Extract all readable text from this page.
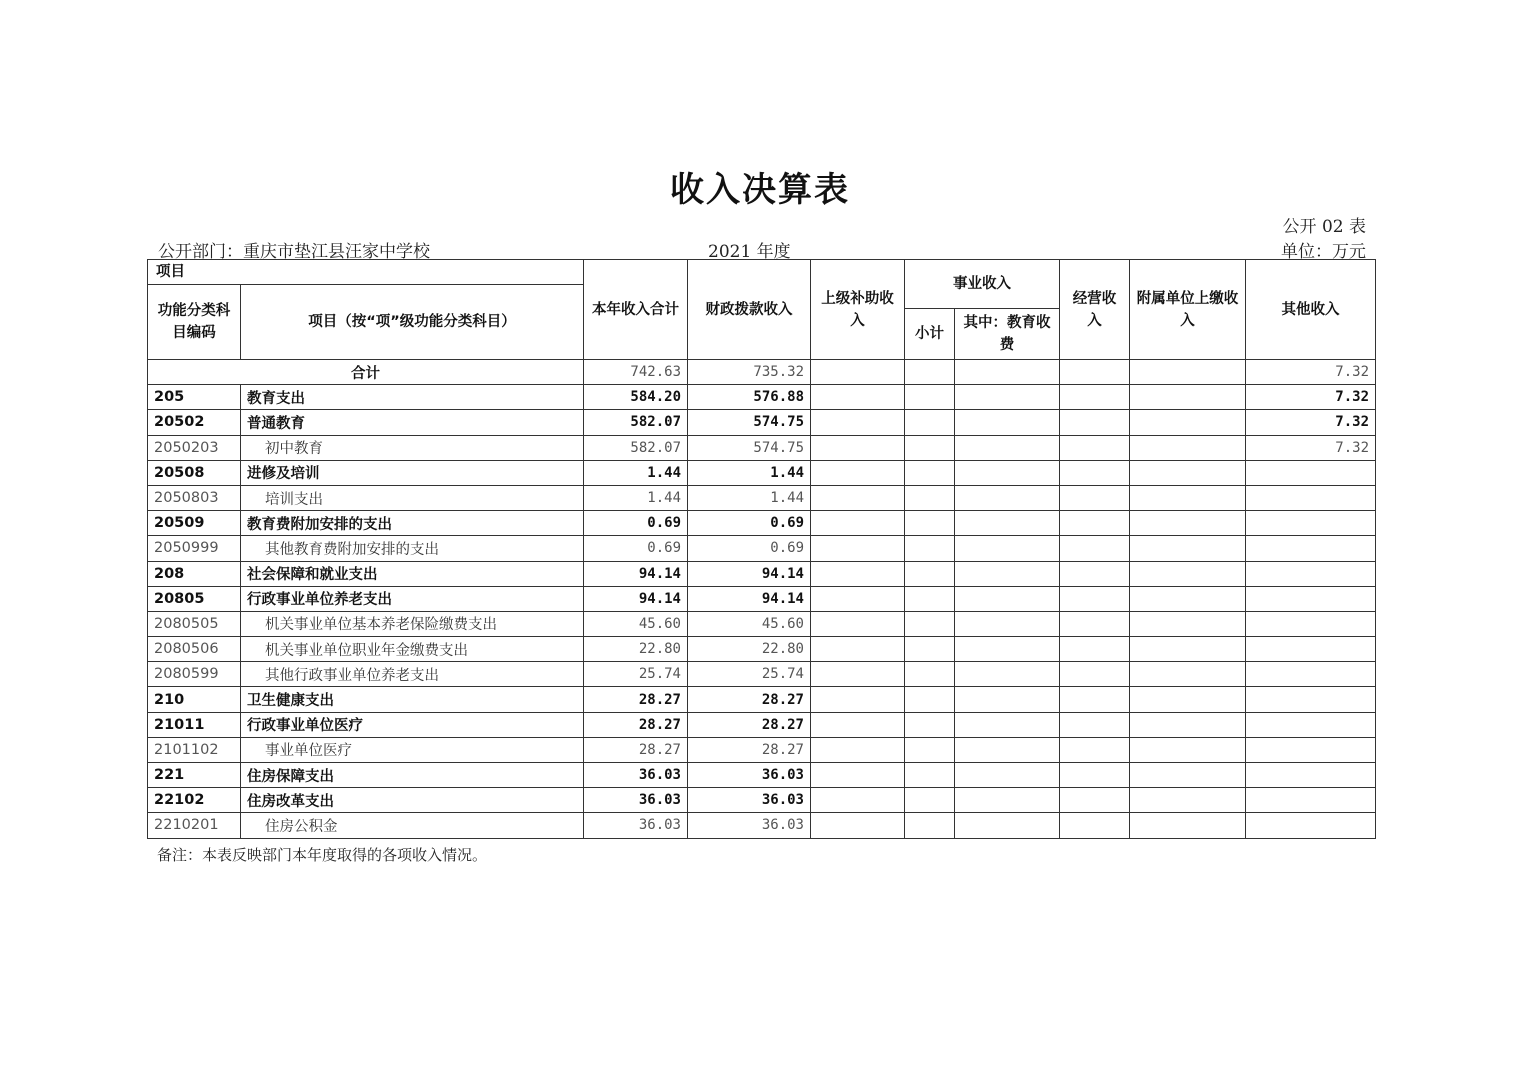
收入决算表
公开 02 表
公开部门：重庆市垫江县汪家中学校	2021 年度	单位：万元
项目		本年收入合计	财政拨款收入	上级补助收入	事业收入		经营收入	附属单位上缴收入	其他收入
功能分类科目编码	项目（按“项”级功能分类科目）								
					小计	其中：教育收费			
合计		742.63	735.32						7.32
205	教育支出	584.20	576.88						7.32
20502	普通教育	582.07	574.75						7.32
2050203	初中教育	582.07	574.75						7.32
20508	进修及培训	1.44	1.44						
2050803	培训支出	1.44	1.44						
20509	教育费附加安排的支出	0.69	0.69						
2050999	其他教育费附加安排的支出	0.69	0.69						
208	社会保障和就业支出	94.14	94.14						
20805	行政事业单位养老支出	94.14	94.14						
2080505	机关事业单位基本养老保险缴费支出	45.60	45.60						
2080506	机关事业单位职业年金缴费支出	22.80	22.80						
2080599	其他行政事业单位养老支出	25.74	25.74						
210	卫生健康支出	28.27	28.27						
21011	行政事业单位医疗	28.27	28.27						
2101102	事业单位医疗	28.27	28.27						
221	住房保障支出	36.03	36.03						
22102	住房改革支出	36.03	36.03						
2210201	住房公积金	36.03	36.03						
备注：本表反映部门本年度取得的各项收入情况。
